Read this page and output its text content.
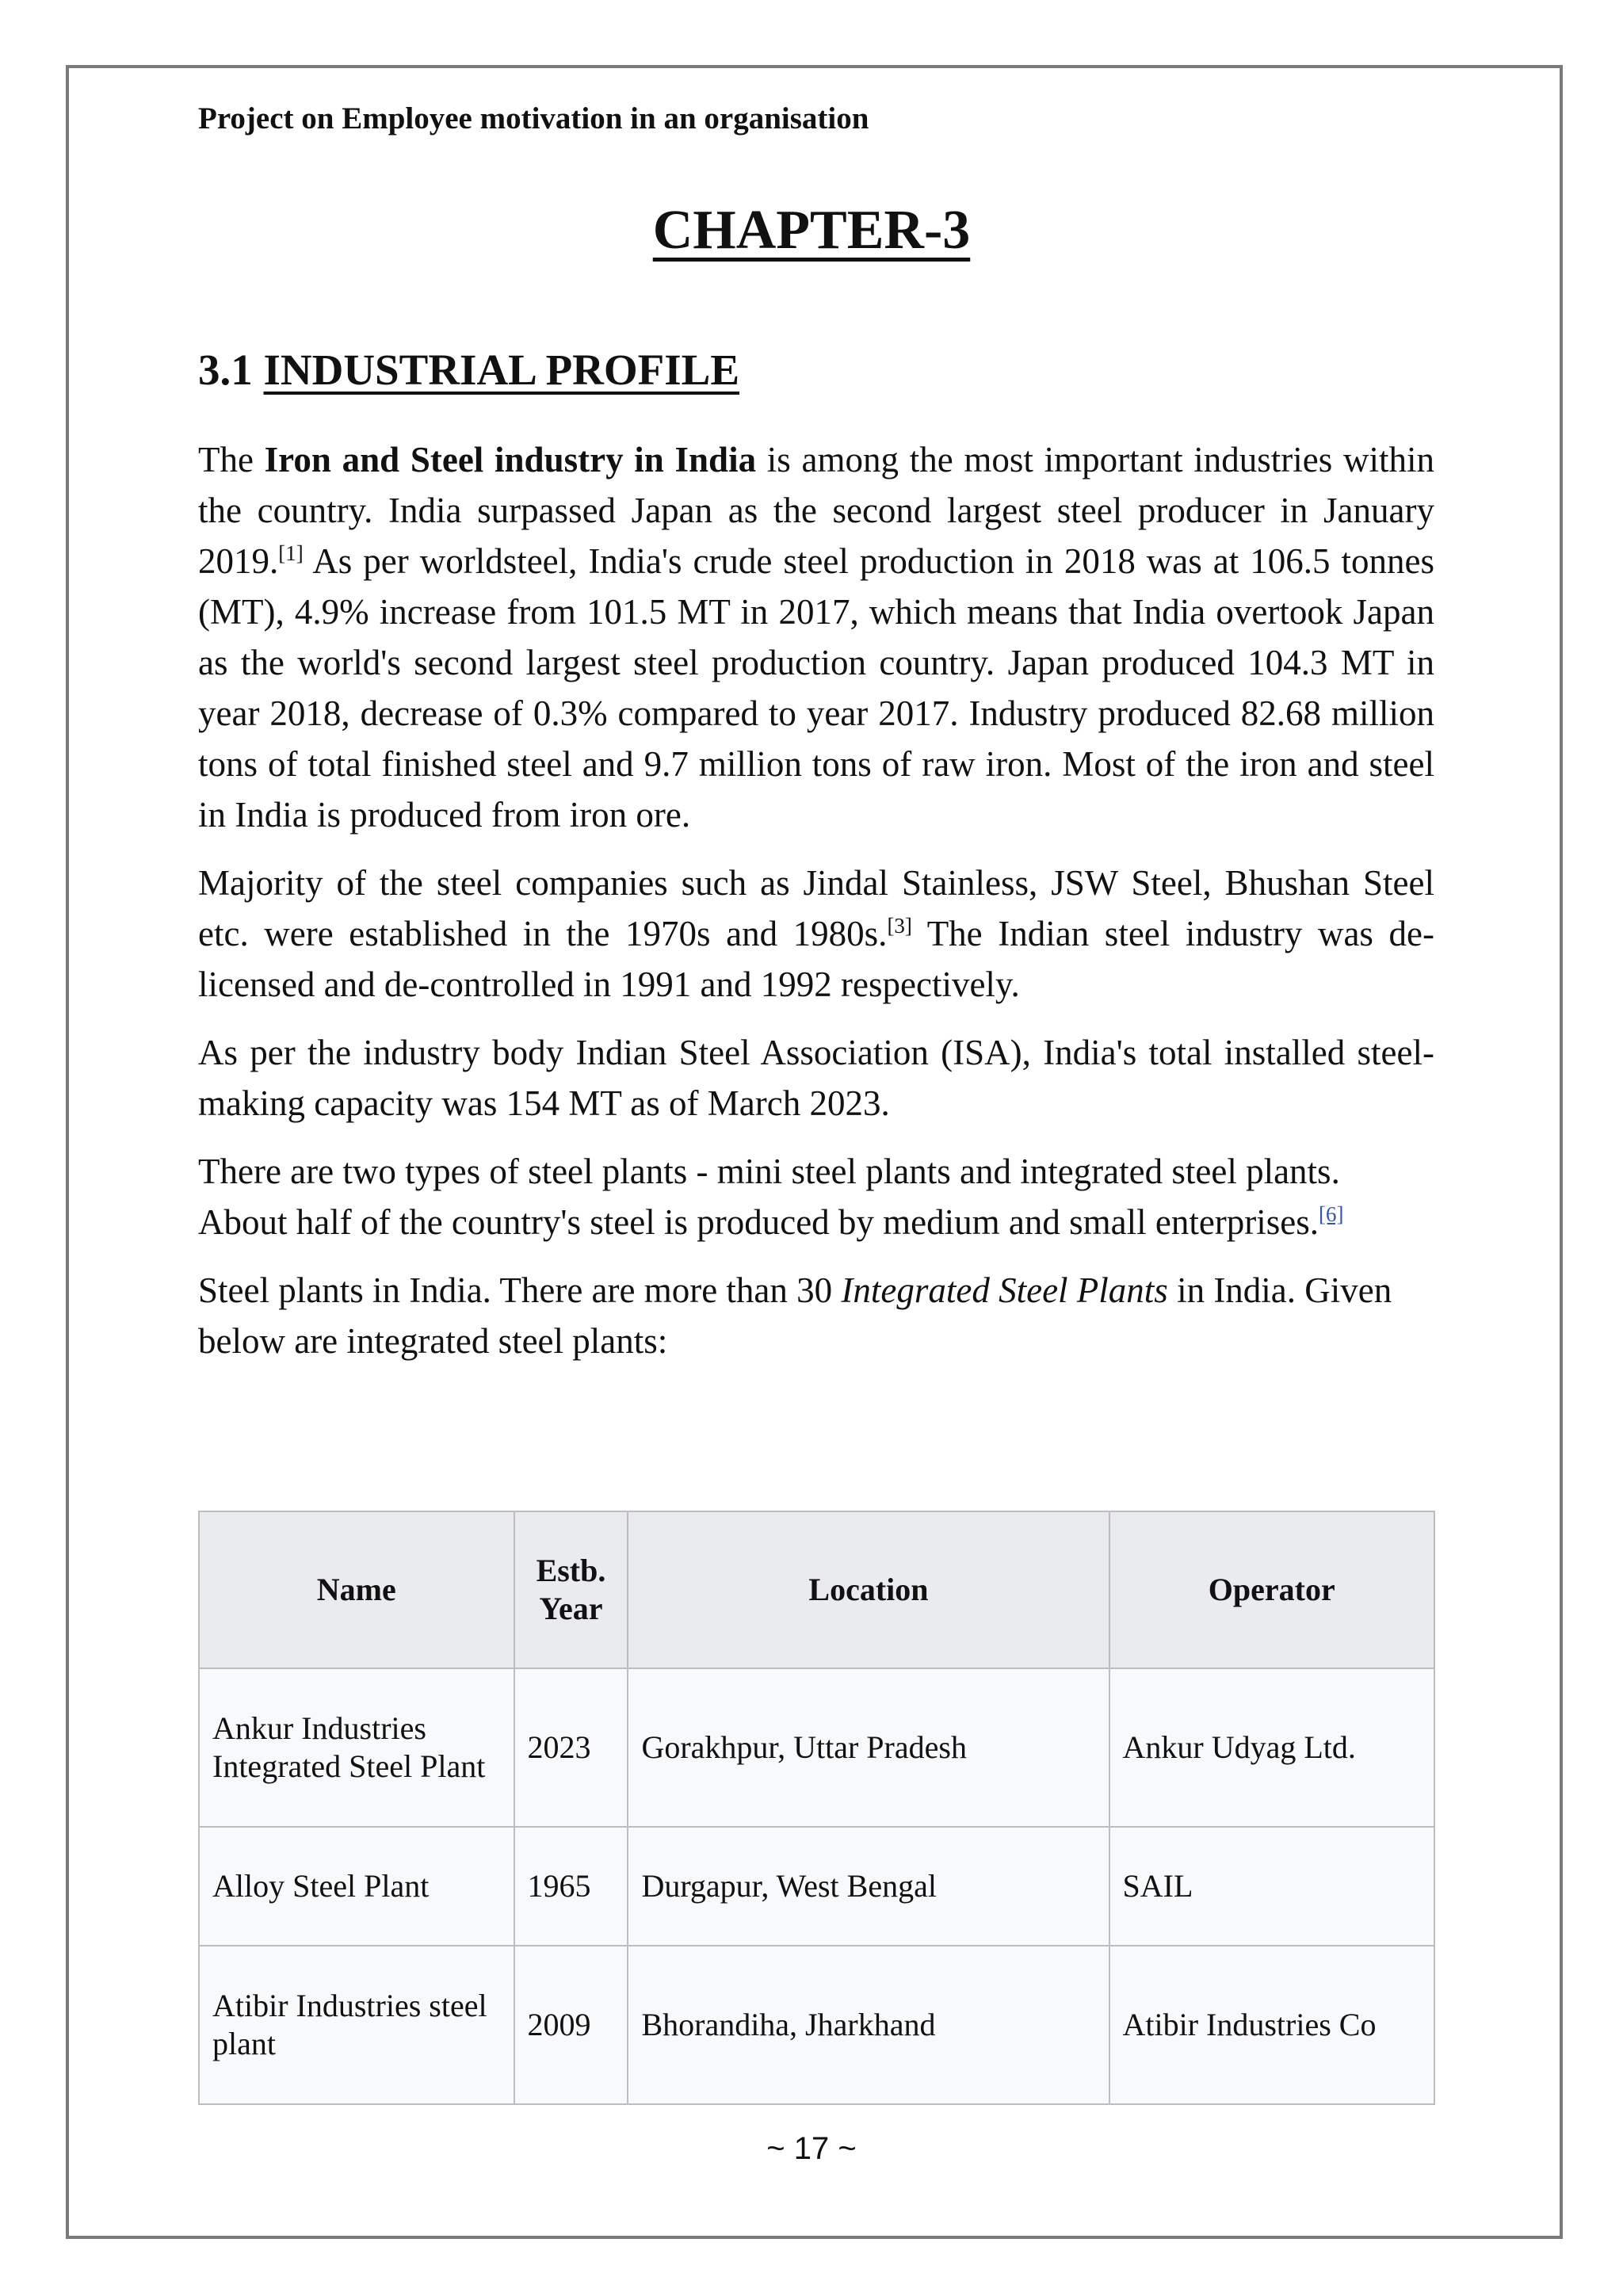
Project on Employee motivation in an organisation
CHAPTER-3
3.1 INDUSTRIAL PROFILE

The Iron and Steel industry in India is among the most important industries within the country. India surpassed Japan as the second largest steel producer in January 2019.[1] As per worldsteel, India's crude steel production in 2018 was at 106.5 tonnes (MT), 4.9% increase from 101.5 MT in 2017, which means that India overtook Japan as the world's second largest steel production country. Japan produced 104.3 MT in year 2018, decrease of 0.3% compared to year 2017. Industry produced 82.68 million tons of total finished steel and 9.7 million tons of raw iron. Most of the iron and steel in India is produced from iron ore.

Majority of the steel companies such as Jindal Stainless, JSW Steel, Bhushan Steel etc. were established in the 1970s and 1980s.[3] The Indian steel industry was de-licensed and de-controlled in 1991 and 1992 respectively.

As per the industry body Indian Steel Association (ISA), India's total installed steel-making capacity was 154 MT as of March 2023.

There are two types of steel plants - mini steel plants and integrated steel plants. About half of the country's steel is produced by medium and small enterprises.[6]

Steel plants in India. There are more than 30 Integrated Steel Plants in India. Given below are integrated steel plants:

Name	Estb.
Year	Location	Operator
Ankur Industries
Integrated Steel Plant	2023	Gorakhpur, Uttar Pradesh	Ankur Udyag Ltd.
Alloy Steel Plant	1965	Durgapur, West Bengal	SAIL
Atibir Industries steel
plant	2009	Bhorandiha, Jharkhand	Atibir Industries Co
~ 17 ~
